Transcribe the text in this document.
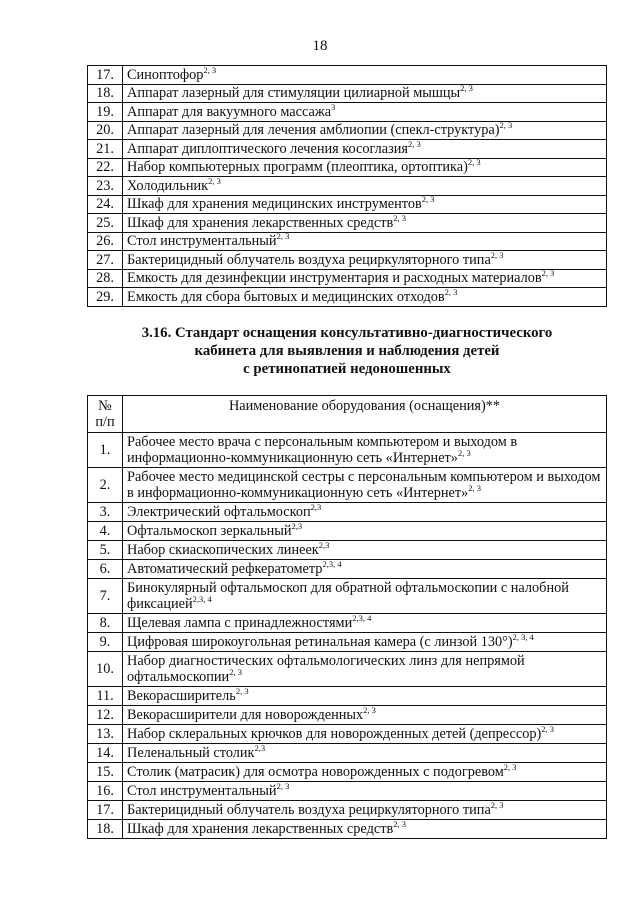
18
17.	Синоптофор$^{2, 3}$
18.	Аппарат лазерный для стимуляции цилиарной мышцы$^{2, 3}$
19.	Аппарат для вакуумного массажа$^3$
20.	Аппарат лазерный для лечения амблиопии (спекл-структура)$^{2, 3}$
21.	Аппарат диплоптического лечения косоглазия$^{2, 3}$
22.	Набор компьютерных программ (плеоптика, ортоптика)$^{2, 3}$
23.	Холодильник$^{2, 3}$
24.	Шкаф для хранения медицинских инструментов$^{2, 3}$
25.	Шкаф для хранения лекарственных средств$^{2, 3}$
26.	Стол инструментальный$^{2, 3}$
27.	Бактерицидный облучатель воздуха рециркуляторного типа$^{2, 3}$
28.	Емкость для дезинфекции инструментария и расходных материалов$^{2, 3}$
29.	Емкость для сбора бытовых и медицинских отходов$^{2, 3}$
3.16. Стандарт оснащения консультативно-диагностического
кабинета для выявления и наблюдения детей
с ретинопатией недоношенных
№
п/п	Наименование оборудования (оснащения)**
1.	Рабочее место врача с персональным компьютером и выходом в информационно-коммуникационную сеть «Интернет»$^{2, 3}$
2.	Рабочее место медицинской сестры с персональным компьютером и выходом в информационно-коммуникационную сеть «Интернет»$^{2, 3}$
3.	Электрический офтальмоскоп$^{2,3}$
4.	Офтальмоскоп зеркальный$^{2,3}$
5.	Набор скиаскопических линеек$^{2,3}$
6.	Автоматический рефкератометр$^{2,3, 4}$
7.	Бинокулярный офтальмоскоп для обратной офтальмоскопии с налобной фиксацией$^{2,3, 4}$
8.	Щелевая лампа с принадлежностями$^{2,3, 4}$
9.	Цифровая широкоугольная ретинальная камера (с линзой 130°)$^{2, 3, 4}$
10.	Набор диагностических офтальмологических линз для непрямой офтальмоскопии$^{2, 3}$
11.	Векорасширитель$^{2, 3}$
12.	Векорасширители для новорожденных$^{2, 3}$
13.	Набор склеральных крючков для новорожденных детей (депрессор)$^{2, 3}$
14.	Пеленальный столик$^{2,3}$
15.	Столик (матрасик) для осмотра новорожденных с подогревом$^{2, 3}$
16.	Стол инструментальный$^{2, 3}$
17.	Бактерицидный облучатель воздуха рециркуляторного типа$^{2, 3}$
18.	Шкаф для хранения лекарственных средств$^{2, 3}$
